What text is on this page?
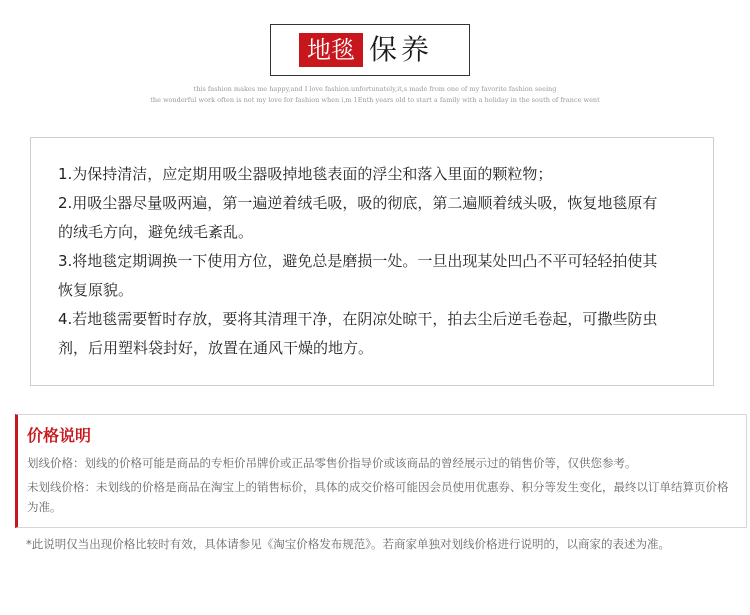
地毯 保养
this fashion makes me happy,and I love fashion.unfortunately,it,s made from one of my favorite fashion seeing
the wonderful work often is not my love for fashion when i,m 1Enth years old to start a family with a holiday in the south of france went

1.为保持清洁，应定期用吸尘器吸掉地毯表面的浮尘和落入里面的颗粒物；

2.用吸尘器尽量吸两遍，第一遍逆着绒毛吸，吸的彻底，第二遍顺着绒头吸，恢复地毯原有

的绒毛方向，避免绒毛紊乱。

3.将地毯定期调换一下使用方位，避免总是磨损一处。一旦出现某处凹凸不平可轻轻拍使其

恢复原貌。

4.若地毯需要暂时存放，要将其清理干净，在阴凉处晾干，拍去尘后逆毛卷起，可撒些防虫

剂，后用塑料袋封好，放置在通风干燥的地方。

价格说明

划线价格：划线的价格可能是商品的专柜价吊牌价或正品零售价指导价或该商品的曾经展示过的销售价等，仅供您参考。

未划线价格：未划线的价格是商品在淘宝上的销售标价，具体的成交价格可能因会员使用优惠券、积分等发生变化，最终以订单结算页价格为准。

*此说明仅当出现价格比较时有效，具体请参见《淘宝价格发布规范》。若商家单独对划线价格进行说明的，以商家的表述为准。
